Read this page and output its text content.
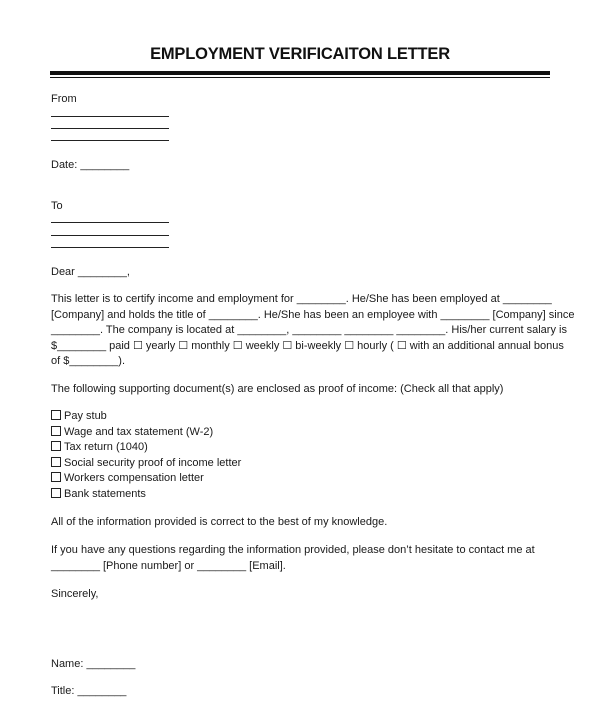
EMPLOYMENT VERIFICAITON LETTER
From
Date: ________
To
Dear ________,
This letter is to certify income and employment for ________. He/She has been employed at ________
[Company] and holds the title of ________. He/She has been an employee with ________ [Company] since
________. The company is located at ________, ________ ________ ________. His/her current salary is
$________ paid ☐ yearly ☐ monthly ☐ weekly ☐ bi-weekly ☐ hourly ( ☐ with an additional annual bonus
of $________).
The following supporting document(s) are enclosed as proof of income: (Check all that apply)
Pay stub
Wage and tax statement (W-2)
Tax return (1040)
Social security proof of income letter
Workers compensation letter
Bank statements
All of the information provided is correct to the best of my knowledge.
If you have any questions regarding the information provided, please don’t hesitate to contact me at
________ [Phone number] or ________ [Email].
Sincerely,
Name: ________
Title: ________
